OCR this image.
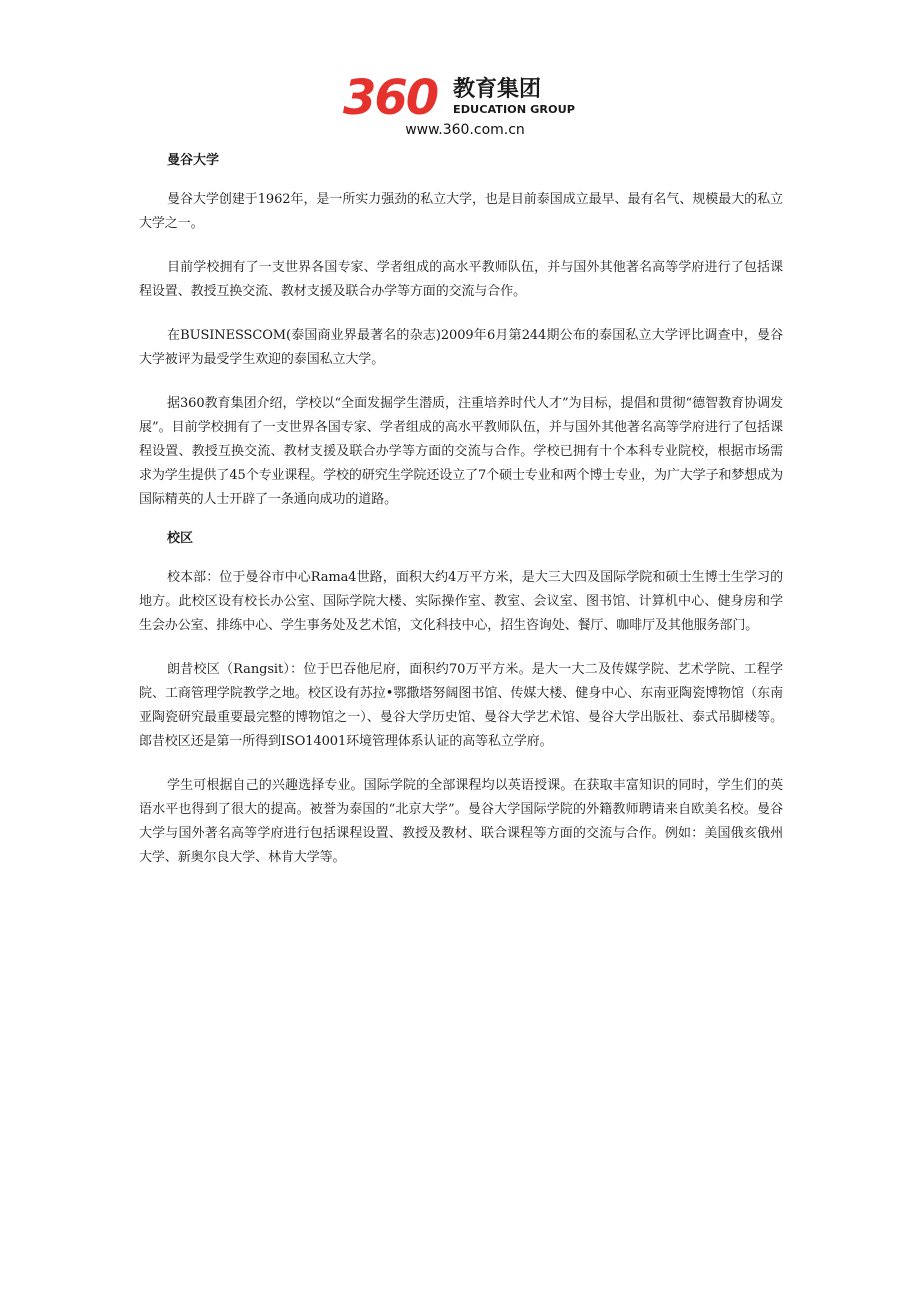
360 教育集团
EDUCATION GROUP
www.360.com.cn

曼谷大学

曼谷大学创建于1962年，是一所实力强劲的私立大学，也是目前泰国成立最早、最有名气、规模最大的私立大学之一。

目前学校拥有了一支世界各国专家、学者组成的高水平教师队伍，并与国外其他著名高等学府进行了包括课程设置、教授互换交流、教材支援及联合办学等方面的交流与合作。

在BUSINESSCOM(泰国商业界最著名的杂志)2009年6月第244期公布的泰国私立大学评比调查中，曼谷大学被评为最受学生欢迎的泰国私立大学。

据360教育集团介绍，学校以“全面发掘学生潜质，注重培养时代人才”为目标，提倡和贯彻“德智教育协调发展”。目前学校拥有了一支世界各国专家、学者组成的高水平教师队伍，并与国外其他著名高等学府进行了包括课程设置、教授互换交流、教材支援及联合办学等方面的交流与合作。学校已拥有十个本科专业院校，根据市场需求为学生提供了45个专业课程。学校的研究生学院还设立了7个硕士专业和两个博士专业，为广大学子和梦想成为国际精英的人士开辟了一条通向成功的道路。

校区

校本部：位于曼谷市中心Rama4世路，面积大约4万平方米，是大三大四及国际学院和硕士生博士生学习的地方。此校区设有校长办公室、国际学院大楼、实际操作室、教室、会议室、图书馆、计算机中心、健身房和学生会办公室、排练中心、学生事务处及艺术馆，文化科技中心，招生咨询处、餐厅、咖啡厅及其他服务部门。

朗昔校区（Rangsit）：位于巴吞他尼府，面积约70万平方米。是大一大二及传媒学院、艺术学院、工程学院、工商管理学院教学之地。校区设有苏拉•鄂撒塔努阔图书馆、传媒大楼、健身中心、东南亚陶瓷博物馆（东南亚陶瓷研究最重要最完整的博物馆之一）、曼谷大学历史馆、曼谷大学艺术馆、曼谷大学出版社、泰式吊脚楼等。郎昔校区还是第一所得到ISO14001环境管理体系认证的高等私立学府。

学生可根据自己的兴趣选择专业。国际学院的全部课程均以英语授课。在获取丰富知识的同时，学生们的英语水平也得到了很大的提高。被誉为泰国的“北京大学”。曼谷大学国际学院的外籍教师聘请来自欧美名校。曼谷大学与国外著名高等学府进行包括课程设置、教授及教材、联合课程等方面的交流与合作。例如：美国俄亥俄州大学、新奥尔良大学、林肯大学等。
